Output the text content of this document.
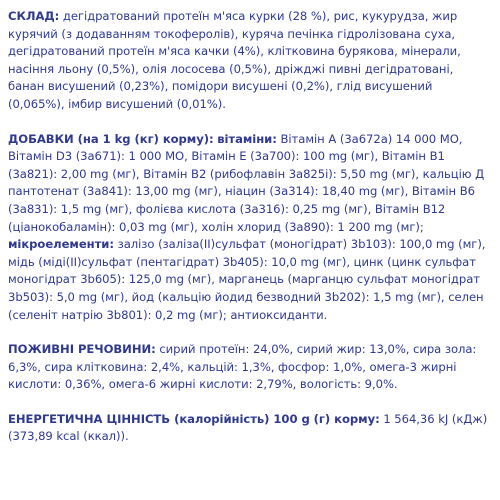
СКЛАД: дегідратований протеїн м'яса курки (28 %), рис, кукурудза, жир курячий (з додаванням токоферолів), куряча печінка гідролізована суха, дегідратований протеїн м'яса качки (4%), клітковина бурякова, мінерали, насіння льону (0,5%), олія лососева (0,5%), дріжджі пивні дегідратовані, банан висушений (0,23%), помідори висушені (0,2%), глід висушений (0,065%), імбир висушений (0,01%).

ДОБАВКИ (на 1 kg (кг) корму): вітаміни: Вітамін А (3а672а) 14 000 МО, Вітамін D3 (3а671): 1 000 МО, Вітамін Е (3а700): 100 mg (мг), Вітамін В1 (3а821): 2,00 mg (мг), Вітамін В2 (рибофлавін 3а825і): 5,50 mg (мг), кальцію Д пантотенат (3а841): 13,00 mg (мг), ніацин (3а314): 18,40 mg (мг), Вітамін В6 (3а831): 1,5 mg (мг), фолієва кислота (3а316): 0,25 mg (мг), Вітамін В12 (ціанокобаламін): 0,03 mg (мг), холін хлорид (3а890): 1 200 mg (мг); мікроелементи: залізо (заліза(ІІ)сульфат (моногідрат) 3b103): 100,0 mg (мг), мідь (міді(ІІ)сульфат (пентагідрат) 3b405): 10,0 mg (мг), цинк (цинк сульфат моногідрат 3b605): 125,0 mg (мг), марганець (марганцю сульфат моногідрат 3b503): 5,0 mg (мг), йод (кальцію йодид безводний 3b202): 1,5 mg (мг), селен (селеніт натрію 3b801): 0,2 mg (мг); антиоксиданти.

ПОЖИВНІ РЕЧОВИНИ: сирий протеїн: 24,0%, сирий жир: 13,0%, сира зола: 6,3%, сира клітковина: 2,4%, кальцій: 1,3%, фосфор: 1,0%, омега-3 жирні кислоти: 0,36%, омега-6 жирні кислоти: 2,79%, вологість: 9,0%.

ЕНЕРГЕТИЧНА ЦІННІСТЬ (калорійність) 100 g (г) корму: 1 564,36 kJ (кДж) (373,89 kcal (ккал)).
